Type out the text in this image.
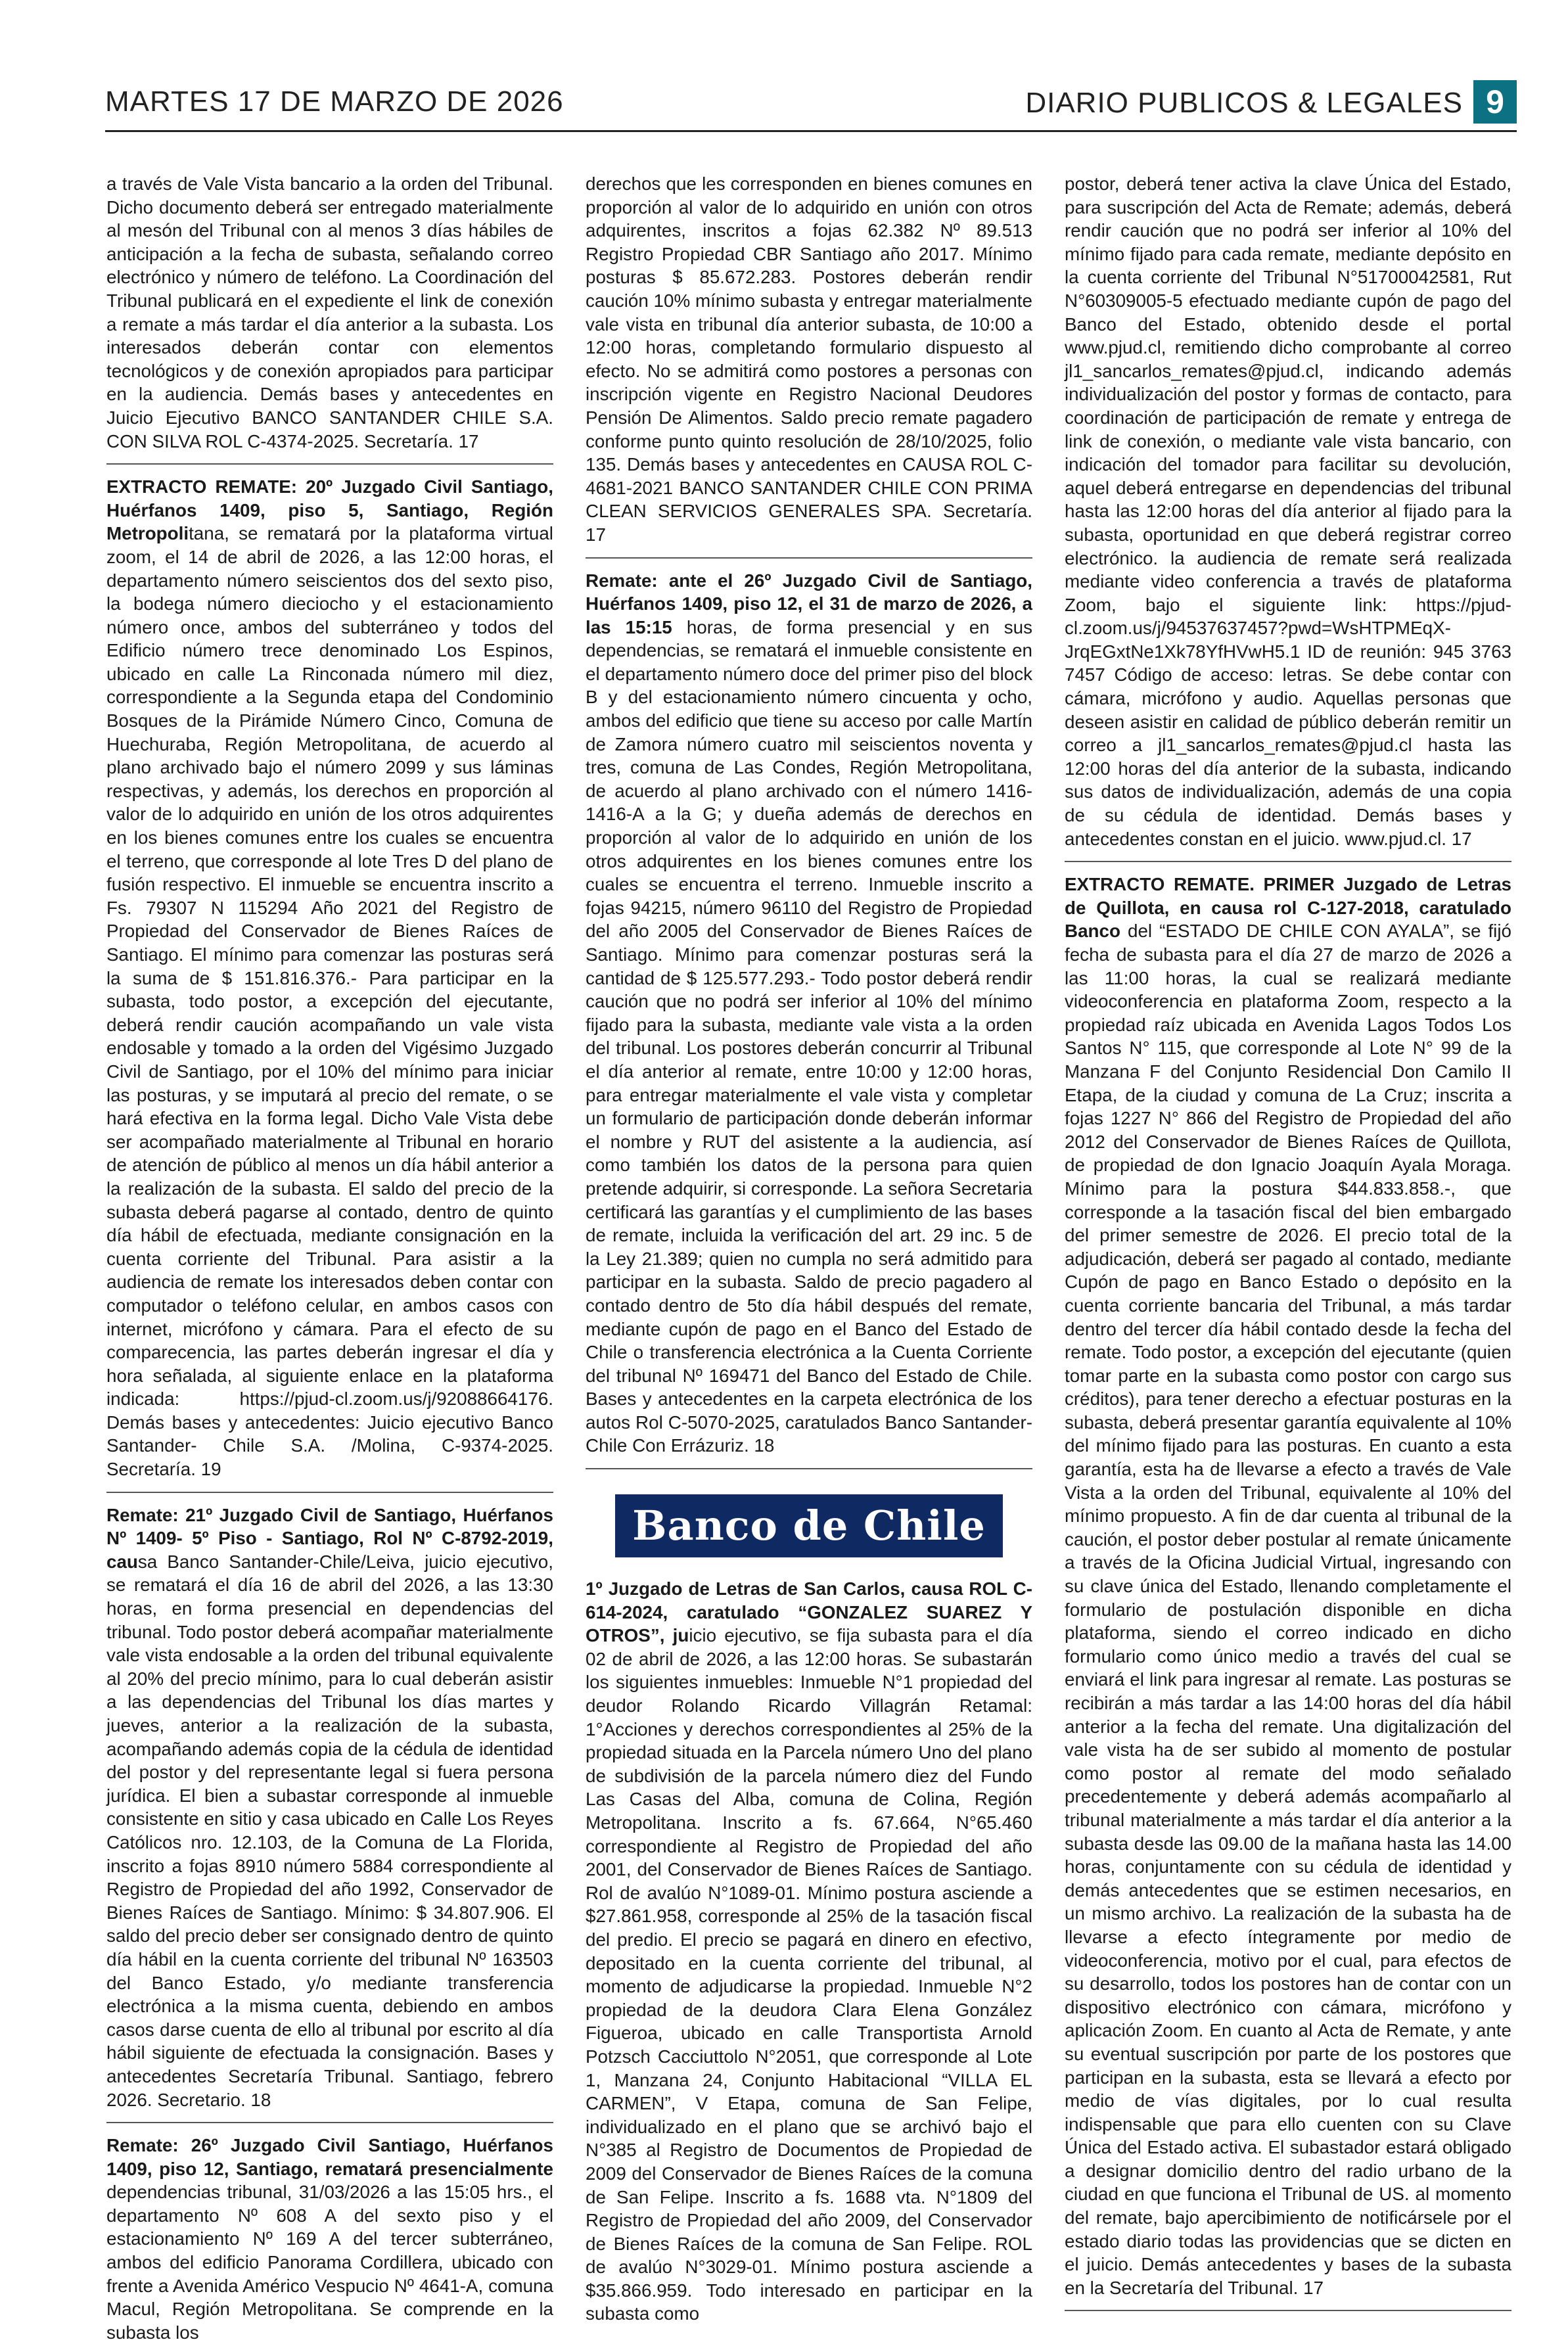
MARTES 17 DE MARZO DE 2026	DIARIO PUBLICOS & LEGALES 9

a través de Vale Vista bancario a la orden del Tribunal. Dicho documento deberá ser entregado materialmente al mesón del Tribunal con al menos 3 días hábiles de anticipación a la fecha de subasta, señalando correo electrónico y número de teléfono. La Coordinación del Tribunal publicará en el expediente el link de conexión a remate a más tardar el día anterior a la subasta. Los interesados deberán contar con elementos tecnológicos y de conexión apropiados para participar en la audiencia. Demás bases y antecedentes en Juicio Ejecutivo BANCO SANTANDER CHILE S.A. CON SILVA ROL C-4374-2025. Secretaría. 17

EXTRACTO REMATE: 20º Juzgado Civil Santiago, Huérfanos 1409, piso 5, Santiago, Región Metropolitana, se rematará por la plataforma virtual zoom, el 14 de abril de 2026, a las 12:00 horas, el departamento número seiscientos dos del sexto piso, la bodega número dieciocho y el estacionamiento número once, ambos del subterráneo y todos del Edificio número trece denominado Los Espinos, ubicado en calle La Rinconada número mil diez, correspondiente a la Segunda etapa del Condominio Bosques de la Pirámide Número Cinco, Comuna de Huechuraba, Región Metropolitana, de acuerdo al plano archivado bajo el número 2099 y sus láminas respectivas, y además, los derechos en proporción al valor de lo adquirido en unión de los otros adquirentes en los bienes comunes entre los cuales se encuentra el terreno, que corresponde al lote Tres D del plano de fusión respectivo. El inmueble se encuentra inscrito a Fs. 79307 N 115294 Año 2021 del Registro de Propiedad del Conservador de Bienes Raíces de Santiago. El mínimo para comenzar las posturas será la suma de $ 151.816.376.- Para participar en la subasta, todo postor, a excepción del ejecutante, deberá rendir caución acompañando un vale vista endosable y tomado a la orden del Vigésimo Juzgado Civil de Santiago, por el 10% del mínimo para iniciar las posturas, y se imputará al precio del remate, o se hará efectiva en la forma legal. Dicho Vale Vista debe ser acompañado materialmente al Tribunal en horario de atención de público al menos un día hábil anterior a la realización de la subasta. El saldo del precio de la subasta deberá pagarse al contado, dentro de quinto día hábil de efectuada, mediante consignación en la cuenta corriente del Tribunal. Para asistir a la audiencia de remate los interesados deben contar con computador o teléfono celular, en ambos casos con internet, micrófono y cámara. Para el efecto de su comparecencia, las partes deberán ingresar el día y hora señalada, al siguiente enlace en la plataforma indicada: https://pjud-cl.zoom.us/j/92088664176. Demás bases y antecedentes: Juicio ejecutivo Banco Santander- Chile S.A. /Molina, C-9374-2025. Secretaría. 19

Remate: 21º Juzgado Civil de Santiago, Huérfanos Nº 1409- 5º Piso - Santiago, Rol Nº C-8792-2019, causa Banco Santander-Chile/Leiva, juicio ejecutivo, se rematará el día 16 de abril del 2026, a las 13:30 horas, en forma presencial en dependencias del tribunal. Todo postor deberá acompañar materialmente vale vista endosable a la orden del tribunal equivalente al 20% del precio mínimo, para lo cual deberán asistir a las dependencias del Tribunal los días martes y jueves, anterior a la realización de la subasta, acompañando además copia de la cédula de identidad del postor y del representante legal si fuera persona jurídica. El bien a subastar corresponde al inmueble consistente en sitio y casa ubicado en Calle Los Reyes Católicos nro. 12.103, de la Comuna de La Florida, inscrito a fojas 8910 número 5884 correspondiente al Registro de Propiedad del año 1992, Conservador de Bienes Raíces de Santiago. Mínimo: $ 34.807.906. El saldo del precio deber ser consignado dentro de quinto día hábil en la cuenta corriente del tribunal Nº 163503 del Banco Estado, y/o mediante transferencia electrónica a la misma cuenta, debiendo en ambos casos darse cuenta de ello al tribunal por escrito al día hábil siguiente de efectuada la consignación. Bases y antecedentes Secretaría Tribunal. Santiago, febrero 2026. Secretario. 18

Remate: 26º Juzgado Civil Santiago, Huérfanos 1409, piso 12, Santiago, rematará presencialmente dependencias tribunal, 31/03/2026 a las 15:05 hrs., el departamento Nº 608 A del sexto piso y el estacionamiento Nº 169 A del tercer subterráneo, ambos del edificio Panorama Cordillera, ubicado con frente a Avenida Américo Vespucio Nº 4641-A, comuna Macul, Región Metropolitana. Se comprende en la subasta los

derechos que les corresponden en bienes comunes en proporción al valor de lo adquirido en unión con otros adquirentes, inscritos a fojas 62.382 Nº 89.513 Registro Propiedad CBR Santiago año 2017. Mínimo posturas $ 85.672.283. Postores deberán rendir caución 10% mínimo subasta y entregar materialmente vale vista en tribunal día anterior subasta, de 10:00 a 12:00 horas, completando formulario dispuesto al efecto. No se admitirá como postores a personas con inscripción vigente en Registro Nacional Deudores Pensión De Alimentos. Saldo precio remate pagadero conforme punto quinto resolución de 28/10/2025, folio 135. Demás bases y antecedentes en CAUSA ROL C-4681-2021 BANCO SANTANDER CHILE CON PRIMA CLEAN SERVICIOS GENERALES SPA. Secretaría. 17

Remate: ante el 26º Juzgado Civil de Santiago, Huérfanos 1409, piso 12, el 31 de marzo de 2026, a las 15:15 horas, de forma presencial y en sus dependencias, se rematará el inmueble consistente en el departamento número doce del primer piso del block B y del estacionamiento número cincuenta y ocho, ambos del edificio que tiene su acceso por calle Martín de Zamora número cuatro mil seiscientos noventa y tres, comuna de Las Condes, Región Metropolitana, de acuerdo al plano archivado con el número 1416-1416-A a la G; y dueña además de derechos en proporción al valor de lo adquirido en unión de los otros adquirentes en los bienes comunes entre los cuales se encuentra el terreno. Inmueble inscrito a fojas 94215, número 96110 del Registro de Propiedad del año 2005 del Conservador de Bienes Raíces de Santiago. Mínimo para comenzar posturas será la cantidad de $ 125.577.293.- Todo postor deberá rendir caución que no podrá ser inferior al 10% del mínimo fijado para la subasta, mediante vale vista a la orden del tribunal. Los postores deberán concurrir al Tribunal el día anterior al remate, entre 10:00 y 12:00 horas, para entregar materialmente el vale vista y completar un formulario de participación donde deberán informar el nombre y RUT del asistente a la audiencia, así como también los datos de la persona para quien pretende adquirir, si corresponde. La señora Secretaria certificará las garantías y el cumplimiento de las bases de remate, incluida la verificación del art. 29 inc. 5 de la Ley 21.389; quien no cumpla no será admitido para participar en la subasta. Saldo de precio pagadero al contado dentro de 5to día hábil después del remate, mediante cupón de pago en el Banco del Estado de Chile o transferencia electrónica a la Cuenta Corriente del tribunal Nº 169471 del Banco del Estado de Chile. Bases y antecedentes en la carpeta electrónica de los autos Rol C-5070-2025, caratulados Banco Santander-Chile Con Errázuriz. 18

Banco de Chile

1º Juzgado de Letras de San Carlos, causa ROL C-614-2024, caratulado “GONZALEZ SUAREZ Y OTROS”, juicio ejecutivo, se fija subasta para el día 02 de abril de 2026, a las 12:00 horas. Se subastarán los siguientes inmuebles: Inmueble N°1 propiedad del deudor Rolando Ricardo Villagrán Retamal: 1°Acciones y derechos correspondientes al 25% de la propiedad situada en la Parcela número Uno del plano de subdivisión de la parcela número diez del Fundo Las Casas del Alba, comuna de Colina, Región Metropolitana. Inscrito a fs. 67.664, N°65.460 correspondiente al Registro de Propiedad del año 2001, del Conservador de Bienes Raíces de Santiago. Rol de avalúo N°1089-01. Mínimo postura asciende a $27.861.958, corresponde al 25% de la tasación fiscal del predio. El precio se pagará en dinero en efectivo, depositado en la cuenta corriente del tribunal, al momento de adjudicarse la propiedad. Inmueble N°2 propiedad de la deudora Clara Elena González Figueroa, ubicado en calle Transportista Arnold Potzsch Cacciuttolo N°2051, que corresponde al Lote 1, Manzana 24, Conjunto Habitacional “VILLA EL CARMEN”, V Etapa, comuna de San Felipe, individualizado en el plano que se archivó bajo el N°385 al Registro de Documentos de Propiedad de 2009 del Conservador de Bienes Raíces de la comuna de San Felipe. Inscrito a fs. 1688 vta. N°1809 del Registro de Propiedad del año 2009, del Conservador de Bienes Raíces de la comuna de San Felipe. ROL de avalúo N°3029-01. Mínimo postura asciende a $35.866.959. Todo interesado en participar en la subasta como

postor, deberá tener activa la clave Única del Estado, para suscripción del Acta de Remate; además, deberá rendir caución que no podrá ser inferior al 10% del mínimo fijado para cada remate, mediante depósito en la cuenta corriente del Tribunal N°51700042581, Rut N°60309005-5 efectuado mediante cupón de pago del Banco del Estado, obtenido desde el portal www.pjud.cl, remitiendo dicho comprobante al correo jl1_sancarlos_remates@pjud.cl, indicando además individualización del postor y formas de contacto, para coordinación de participación de remate y entrega de link de conexión, o mediante vale vista bancario, con indicación del tomador para facilitar su devolución, aquel deberá entregarse en dependencias del tribunal hasta las 12:00 horas del día anterior al fijado para la subasta, oportunidad en que deberá registrar correo electrónico. la audiencia de remate será realizada mediante video conferencia a través de plataforma Zoom, bajo el siguiente link: https://pjud-cl.zoom.us/j/94537637457?pwd=WsHTPMEqX-JrqEGxtNe1Xk78YfHVwH5.1 ID de reunión: 945 3763 7457 Código de acceso: letras. Se debe contar con cámara, micrófono y audio. Aquellas personas que deseen asistir en calidad de público deberán remitir un correo a jl1_sancarlos_remates@pjud.cl hasta las 12:00 horas del día anterior de la subasta, indicando sus datos de individualización, además de una copia de su cédula de identidad. Demás bases y antecedentes constan en el juicio. www.pjud.cl. 17

EXTRACTO REMATE. PRIMER Juzgado de Letras de Quillota, en causa rol C-127-2018, caratulado Banco del “ESTADO DE CHILE CON AYALA”, se fijó fecha de subasta para el día 27 de marzo de 2026 a las 11:00 horas, la cual se realizará mediante videoconferencia en plataforma Zoom, respecto a la propiedad raíz ubicada en Avenida Lagos Todos Los Santos N° 115, que corresponde al Lote N° 99 de la Manzana F del Conjunto Residencial Don Camilo II Etapa, de la ciudad y comuna de La Cruz; inscrita a fojas 1227 N° 866 del Registro de Propiedad del año 2012 del Conservador de Bienes Raíces de Quillota, de propiedad de don Ignacio Joaquín Ayala Moraga. Mínimo para la postura $44.833.858.-, que corresponde a la tasación fiscal del bien embargado del primer semestre de 2026. El precio total de la adjudicación, deberá ser pagado al contado, mediante Cupón de pago en Banco Estado o depósito en la cuenta corriente bancaria del Tribunal, a más tardar dentro del tercer día hábil contado desde la fecha del remate. Todo postor, a excepción del ejecutante (quien tomar parte en la subasta como postor con cargo sus créditos), para tener derecho a efectuar posturas en la subasta, deberá presentar garantía equivalente al 10% del mínimo fijado para las posturas. En cuanto a esta garantía, esta ha de llevarse a efecto a través de Vale Vista a la orden del Tribunal, equivalente al 10% del mínimo propuesto. A fin de dar cuenta al tribunal de la caución, el postor deber postular al remate únicamente a través de la Oficina Judicial Virtual, ingresando con su clave única del Estado, llenando completamente el formulario de postulación disponible en dicha plataforma, siendo el correo indicado en dicho formulario como único medio a través del cual se enviará el link para ingresar al remate. Las posturas se recibirán a más tardar a las 14:00 horas del día hábil anterior a la fecha del remate. Una digitalización del vale vista ha de ser subido al momento de postular como postor al remate del modo señalado precedentemente y deberá además acompañarlo al tribunal materialmente a más tardar el día anterior a la subasta desde las 09.00 de la mañana hasta las 14.00 horas, conjuntamente con su cédula de identidad y demás antecedentes que se estimen necesarios, en un mismo archivo. La realización de la subasta ha de llevarse a efecto íntegramente por medio de videoconferencia, motivo por el cual, para efectos de su desarrollo, todos los postores han de contar con un dispositivo electrónico con cámara, micrófono y aplicación Zoom. En cuanto al Acta de Remate, y ante su eventual suscripción por parte de los postores que participan en la subasta, esta se llevará a efecto por medio de vías digitales, por lo cual resulta indispensable que para ello cuenten con su Clave Única del Estado activa. El subastador estará obligado a designar domicilio dentro del radio urbano de la ciudad en que funciona el Tribunal de US. al momento del remate, bajo apercibimiento de notificársele por el estado diario todas las providencias que se dicten en el juicio. Demás antecedentes y bases de la subasta en la Secretaría del Tribunal. 17
